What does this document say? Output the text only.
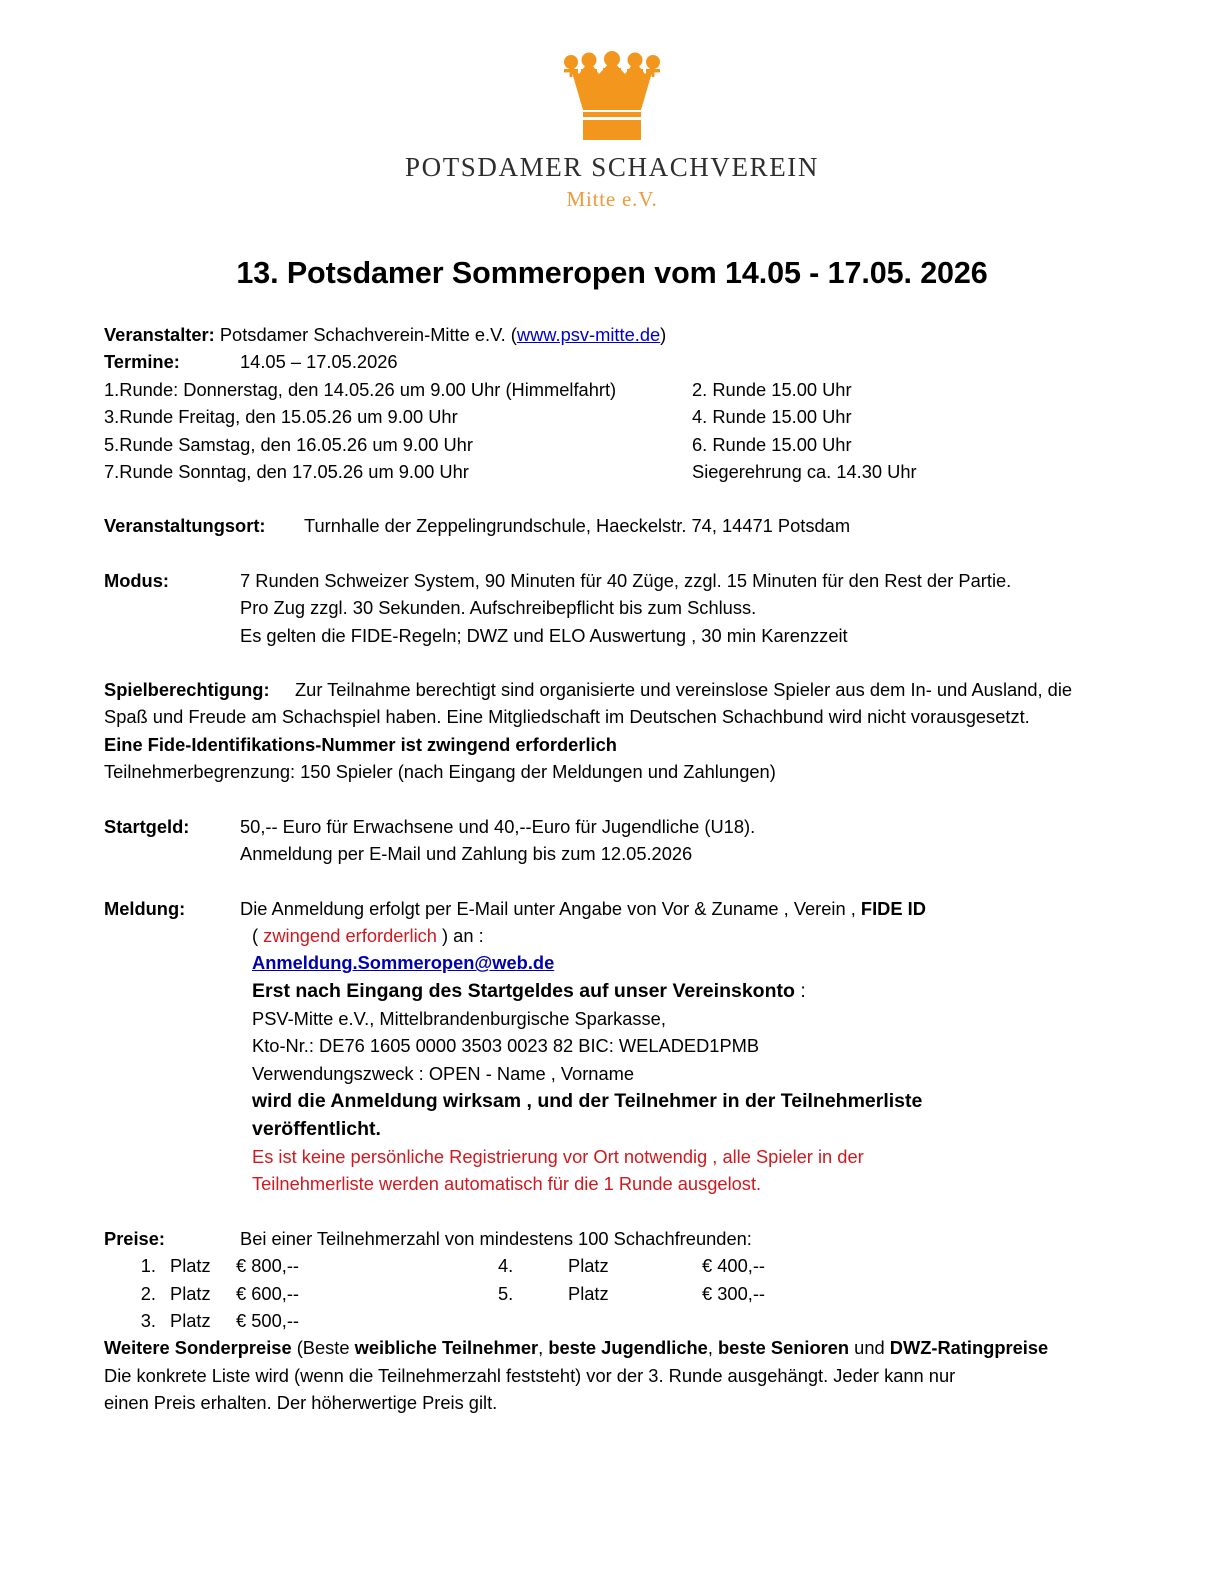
POTSDAMER SCHACHVEREIN
Mitte e.V.
13. Potsdamer Sommeropen vom 14.05 - 17.05. 2026
Veranstalter:
Potsdamer Schachverein-Mitte e.V. ( www.psv-mitte.de )
Termine:	14.05 – 17.05.2026
1.Runde: Donnerstag, den 14.05.26 um 9.00 Uhr (Himmelfahrt)	2. Runde 15.00 Uhr
3.Runde Freitag, den 15.05.26 um 9.00 Uhr	4. Runde 15.00 Uhr
5.Runde Samstag, den 16.05.26 um 9.00 Uhr	6. Runde 15.00 Uhr
7.Runde Sonntag, den 17.05.26 um 9.00 Uhr	Siegerehrung ca. 14.30 Uhr
Veranstaltungsort:	Turnhalle der Zeppelingrundschule, Haeckelstr. 74, 14471 Potsdam
Modus:	7 Runden Schweizer System, 90 Minuten für 40 Züge, zzgl. 15 Minuten für den Rest der Partie.
Pro Zug zzgl. 30 Sekunden. Aufschreibepflicht bis zum Schluss.
Es gelten die FIDE-Regeln; DWZ und ELO Auswertung , 30 min Karenzzeit
Spielberechtigung: Zur Teilnahme berechtigt sind organisierte und vereinslose Spieler aus dem In- und Ausland, die Spaß und Freude am Schachspiel haben. Eine Mitgliedschaft im Deutschen Schachbund wird nicht vorausgesetzt.
Eine Fide-Identifikations-Nummer ist zwingend erforderlich
Teilnehmerbegrenzung: 150 Spieler (nach Eingang der Meldungen und Zahlungen)
Startgeld:	50,-- Euro für Erwachsene und 40,--Euro für Jugendliche (U18).
Anmeldung per E-Mail und Zahlung bis zum 12.05.2026
Meldung:	Die Anmeldung erfolgt per E-Mail unter Angabe von Vor & Zuname , Verein , FIDE ID
( zwingend erforderlich ) an :
Anmeldung.Sommeropen@web.de
Erst nach Eingang des Startgeldes auf unser Vereinskonto :
PSV-Mitte e.V., Mittelbrandenburgische Sparkasse,
Kto-Nr.: DE76 1605 0000 3503 0023 82 BIC: WELADED1PMB
Verwendungszweck : OPEN - Name , Vorname
wird die Anmeldung wirksam , und der Teilnehmer in der Teilnehmerliste
veröffentlicht.
Es ist keine persönliche Registrierung vor Ort notwendig , alle Spieler in der
Teilnehmerliste werden automatisch für die 1 Runde ausgelost.
Preise:	Bei einer Teilnehmerzahl von mindestens 100 Schachfreunden:
1. Platz	€ 800,--	4.	Platz	€ 400,--
2. Platz	€ 600,--	5.	Platz	€ 300,--
3. Platz	€ 500,--
Weitere Sonderpreise (Beste weibliche Teilnehmer, beste Jugendliche, beste Senioren und DWZ-Ratingpreise
Die konkrete Liste wird (wenn die Teilnehmerzahl feststeht) vor der 3. Runde ausgehängt. Jeder kann nur
einen Preis erhalten. Der höherwertige Preis gilt.
